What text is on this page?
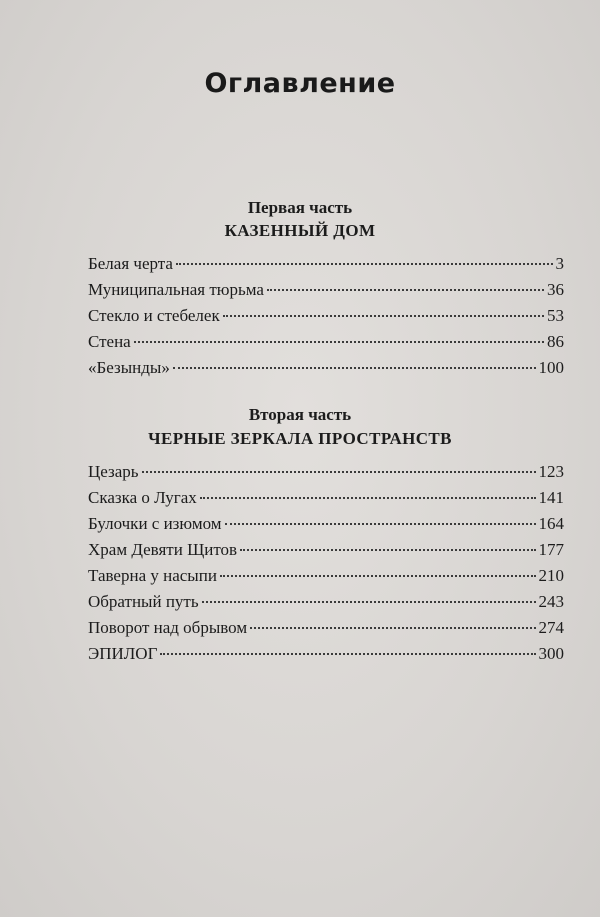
Оглавление
Первая часть
КАЗЕННЫЙ ДОМ
Белая черта	3
Муниципальная тюрьма	36
Стекло и стебелек	53
Стена	86
«Безынды»	100
Вторая часть
ЧЕРНЫЕ ЗЕРКАЛА ПРОСТРАНСТВ
Цезарь	123
Сказка о Лугах	141
Булочки с изюмом	164
Храм Девяти Щитов	177
Таверна у насыпи	210
Обратный путь	243
Поворот над обрывом	274
ЭПИЛОГ	300
